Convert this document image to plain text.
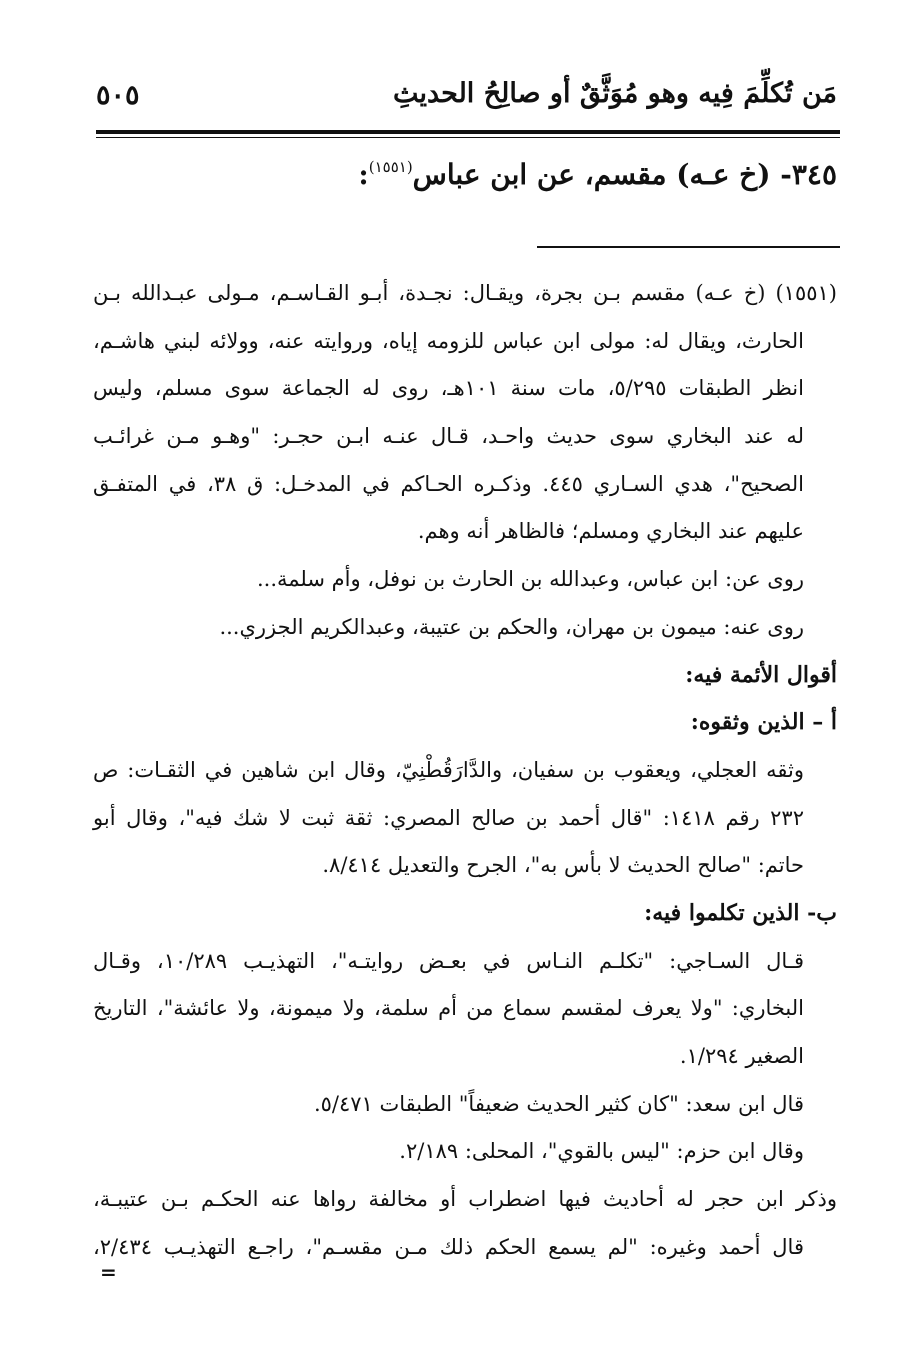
مَن تُكلِّمَ فِيه وهو مُوَثَّقٌ أو صالِحُ الحديثِ
٥٠٥
٣٤٥- (خ عـه) مقسم، عن ابن عباس$^{(١٥٥١)}$:
(١٥٥١) (خ عـه) مقسم بـن بجرة، ويقـال: نجـدة، أبـو القـاسـم، مـولى عبـدالله بـن
الحارث، ويقال له: مولى ابن عباس للزومه إياه، وروايته عنه، وولائه لبني هاشـم،
انظر الطبقات ٥/٢٩٥، مات سنة ١٠١هـ، روى له الجماعة سوى مسلم، وليس
له عند البخاري سوى حديث واحـد، قـال عنـه ابـن حجـر: "وهـو مـن غرائـب
الصحيح"، هدي السـاري ٤٤٥. وذكـره الحـاكم في المدخـل: ق ٣٨، في المتفـق
عليهم عند البخاري ومسلم؛ فالظاهر أنه وهم.
روى عن: ابن عباس، وعبدالله بن الحارث بن نوفل، وأم سلمة...
روى عنه: ميمون بن مهران، والحكم بن عتيبة، وعبدالكريم الجزري...
أقوال الأئمة فيه:
أ – الذين وثقوه:
وثقه العجلي، ويعقوب بن سفيان، والدَّارَقُطْنِيّ، وقال ابن شاهين في الثقـات: ص
٢٣٢ رقم ١٤١٨: "قال أحمد بن صالح المصري: ثقة ثبت لا شك فيه"، وقال أبو
حاتم: "صالح الحديث لا بأس به"، الجرح والتعديل ٨/٤١٤.
ب- الذين تكلموا فيه:
قـال السـاجي: "تكلـم النـاس في بعـض روايتـه"، التهذيـب ١٠/٢٨٩، وقـال
البخاري: "ولا يعرف لمقسم سماع من أم سلمة، ولا ميمونة، ولا عائشة"، التاريخ
الصغير ١/٢٩٤.
قال ابن سعد: "كان كثير الحديث ضعيفاً" الطبقات ٥/٤٧١.
وقال ابن حزم: "ليس بالقوي"، المحلى: ٢/١٨٩.
وذكر ابن حجر له أحاديث فيها اضطراب أو مخالفة رواها عنه الحكـم بـن عتيبـة،
قال أحمد وغيره: "لم يسمع الحكم ذلك مـن مقسـم"، راجـع التهذيـب ٢/٤٣٤،
=
